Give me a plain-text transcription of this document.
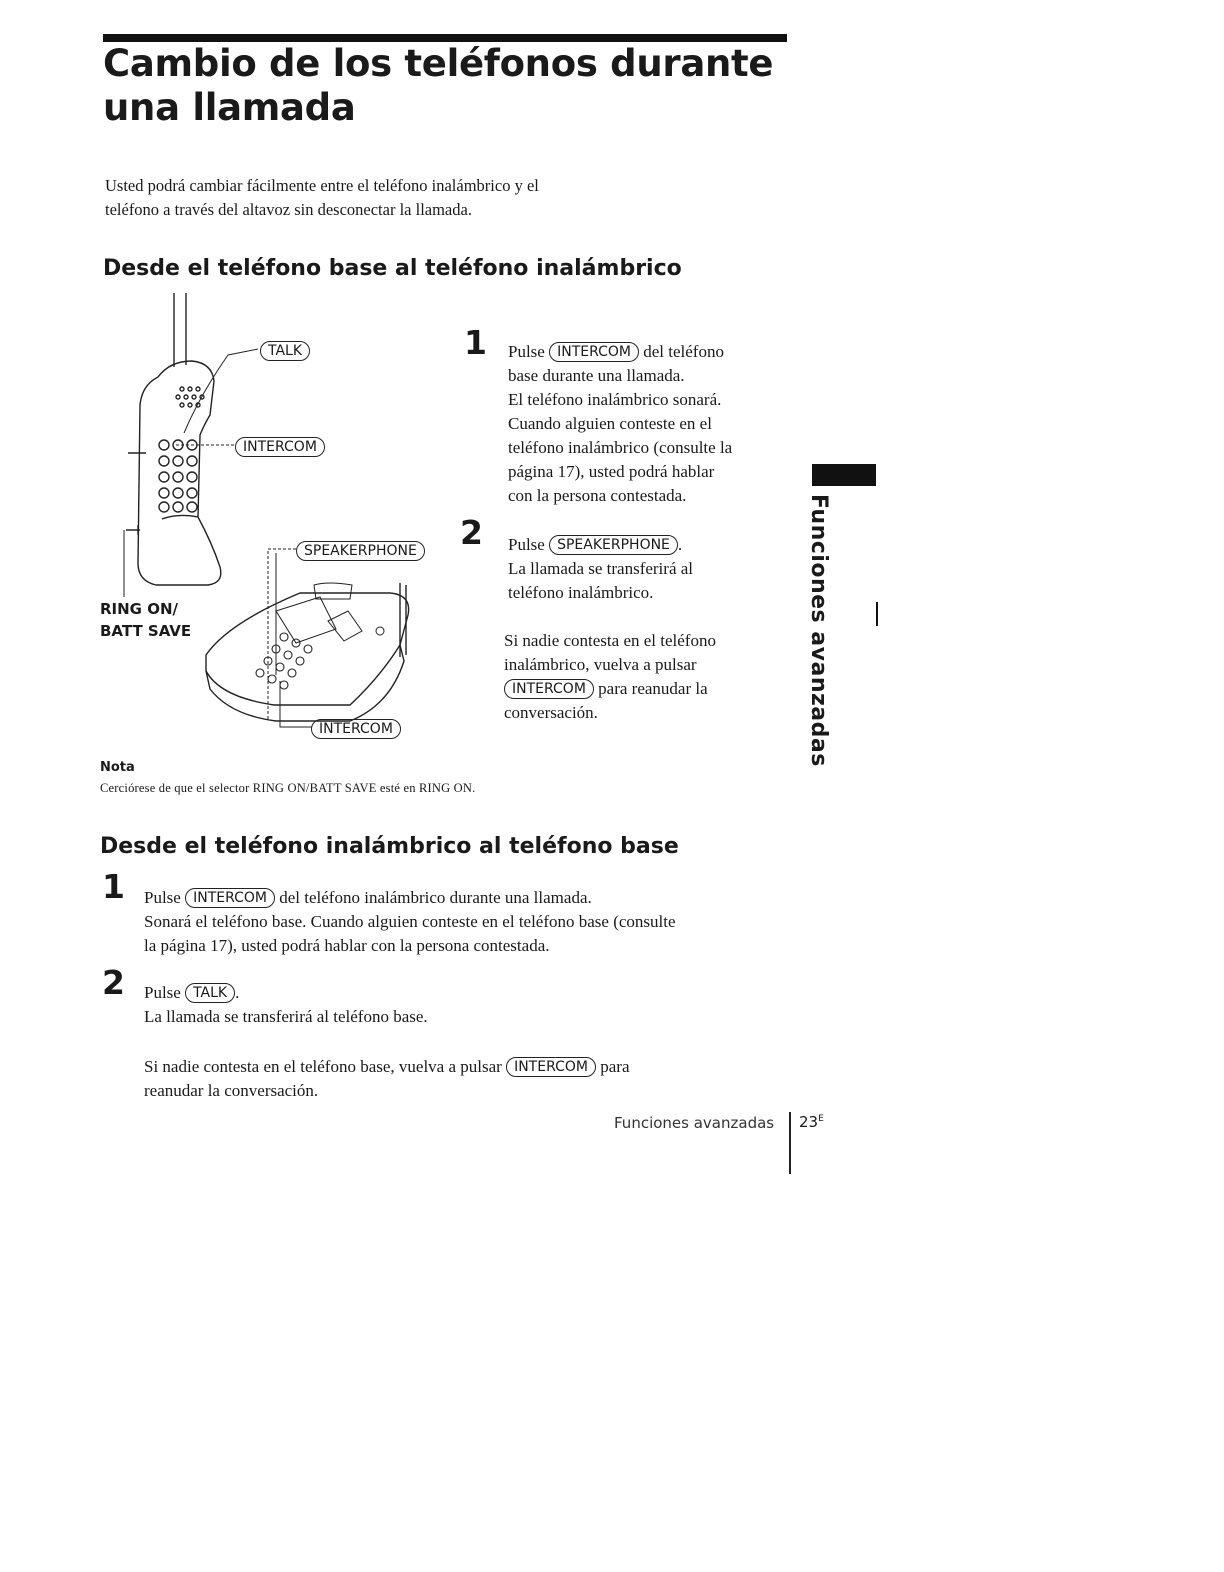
Cambio de los teléfonos durante
una llamada
Usted podrá cambiar fácilmente entre el teléfono inalámbrico y el
teléfono a través del altavoz sin desconectar la llamada.
Desde el teléfono base al teléfono inalámbrico
TALK
INTERCOM
SPEAKERPHONE
INTERCOM
RING ON/
BATT SAVE
1
2
Pulse INTERCOM del teléfono
base durante una llamada.
El teléfono inalámbrico sonará.
Cuando alguien conteste en el
teléfono inalámbrico (consulte la
página 17), usted podrá hablar
con la persona contestada.
Pulse SPEAKERPHONE .
La llamada se transferirá al
teléfono inalámbrico.
Si nadie contesta en el teléfono
inalámbrico, vuelva a pulsar
INTERCOM para reanudar la
conversación.
Nota
Cerciórese de que el selector RING ON/BATT SAVE esté en RING ON.
Funciones avanzadas
Desde el teléfono inalámbrico al teléfono base
1 Pulse INTERCOM del teléfono inalámbrico durante una llamada.
Sonará el teléfono base. Cuando alguien conteste en el teléfono base (consulte
la página 17), usted podrá hablar con la persona contestada.
2 Pulse TALK .
La llamada se transferirá al teléfono base.
Si nadie contesta en el teléfono base, vuelva a pulsar INTERCOM para
reanudar la conversación.
Funciones avanzadas $23^E$
